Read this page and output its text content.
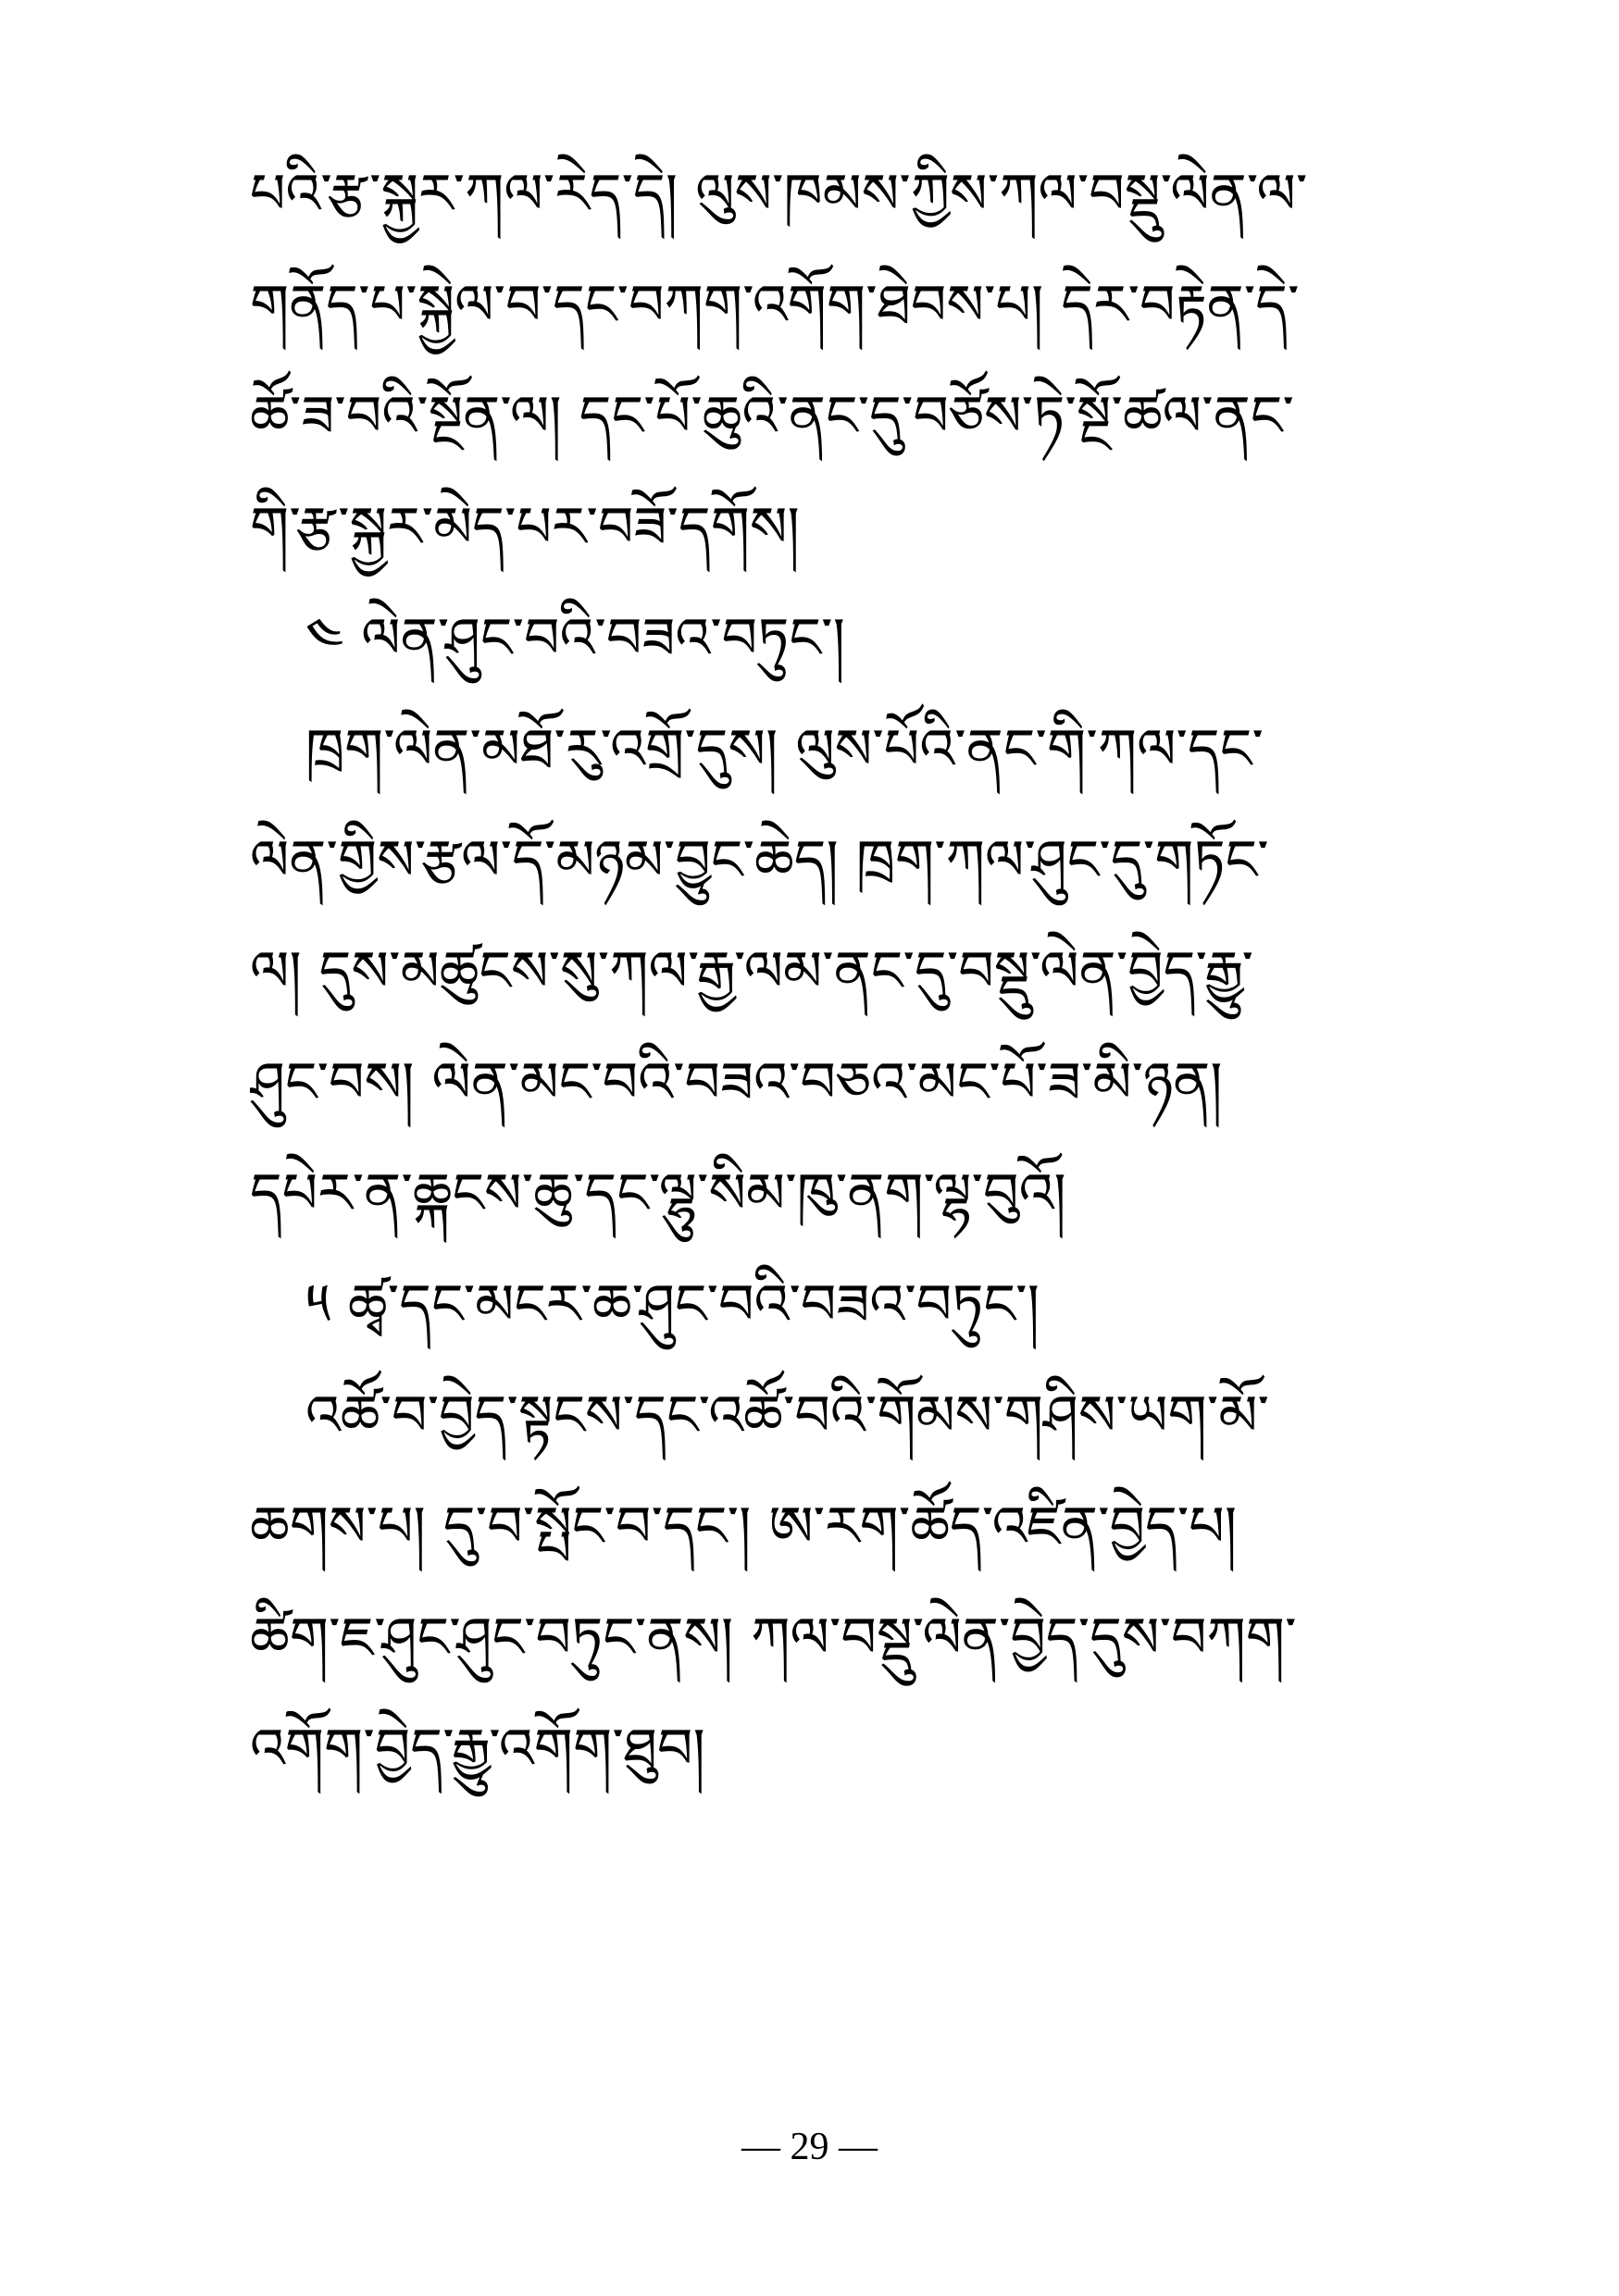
པའི་རྩ་སྐྱར་ཀལ་རེད་དེ། ལུས་ཁམས་ཀྱིས་ཀལ་བསྡུ་ལེན་ལ་
གནོད་པ་སྐྱེལ་བ་དང་བཀག་འགོག་ཐེབས་པ། དེར་བརྟེན་དེ་
ཚོ་ཟ་བའི་སྔོན་ལ། དང་པོ་ཆུའི་ནང་དུ་བཙོས་ཏེ་སྔོ་ཚལ་ནང་
གི་རྩ་སྐྱར་མེད་པར་བཟོ་དགོས།
༤ ལེན་ཤུང་བའི་བཟའ་བཏུང་།
ཁྲག་ལེན་མཐོ་རུ་འགྲོ་དུས། ལུས་པོའི་ནང་གི་ཀལ་དང་
ལེན་གྱིས་རྩལ་དོ་མཉམ་བྱུང་ཆེད། ཁྲག་ཀལ་ཤུང་དུ་གཏོང་
ལ། དུས་མཚུངས་སུ་ཀལ་རྒྱ་ལམ་ནང་དུ་བསྡུ་ལེན་བྱེད་རྒྱུ་
ཤུང་བས། ལེན་མང་བའི་བཟའ་བཅའ་མང་པོ་ཟ་མི་ཉན།
དཔེར་ན་ཆྐངས་ཆུ་དང་ལྷུ་སིམ་ཁུ་ནག་ལྷ་བུའོ།
༥ ཚྭ་དང་མངར་ཆ་ཤུང་བའི་བཟའ་བཏུང་།
འཚོ་བ་བྱེད་སྟངས་དང་འཚོ་བའི་གོམས་གཤིས་ཡག་མོ་
ཆགས་པ། དུ་བ་སྤོང་བ་དང་། ཨ་རག་ཚོད་འཛིན་བྱེད་པ།
ཚིག་ཇ་ཤུང་ཤུང་བཏུང་ནས། ཀལ་བསྡུ་ལེན་བྱེད་དུས་བཀག་
འགོག་བྱེད་རྒྱུ་འགོག་ཐུབ།
— 29 —
